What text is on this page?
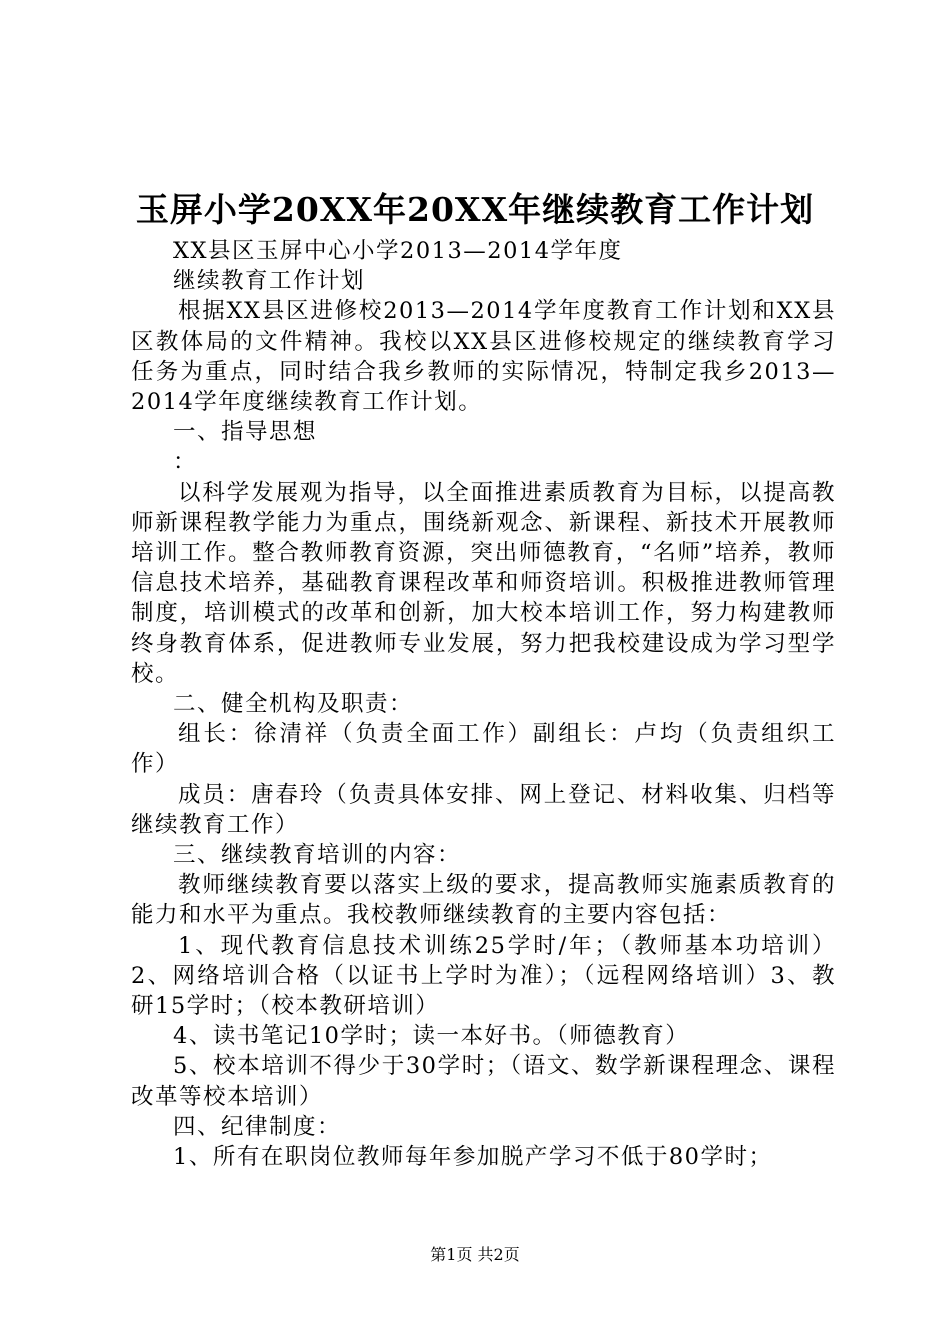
玉屏小学20XX年20XX年继续教育工作计划

XX县区玉屏中心小学2013—2014学年度

继续教育工作计划

根据XX县区进修校2013—2014学年度教育工作计划和XX县区教体局的文件精神。我校以XX县区进修校规定的继续教育学习任务为重点，同时结合我乡教师的实际情况，特制定我乡2013—2014学年度继续教育工作计划。

一、指导思想

：

以科学发展观为指导，以全面推进素质教育为目标，以提高教师新课程教学能力为重点，围绕新观念、新课程、新技术开展教师培训工作。整合教师教育资源，突出师德教育，“名师”培养，教师信息技术培养，基础教育课程改革和师资培训。积极推进教师管理制度，培训模式的改革和创新，加大校本培训工作，努力构建教师终身教育体系，促进教师专业发展，努力把我校建设成为学习型学校。

二、健全机构及职责：

组长：徐清祥（负责全面工作）副组长：卢均（负责组织工作）

成员：唐春玲（负责具体安排、网上登记、材料收集、归档等继续教育工作）

三、继续教育培训的内容：

教师继续教育要以落实上级的要求，提高教师实施素质教育的能力和水平为重点。我校教师继续教育的主要内容包括：

1、现代教育信息技术训练25学时/年；（教师基本功培训）2、网络培训合格（以证书上学时为准）；（远程网络培训）3、教研15学时；（校本教研培训）

4、读书笔记10学时；读一本好书。（师德教育）

5、校本培训不得少于30学时；（语文、数学新课程理念、课程改革等校本培训）

四、纪律制度：

1、所有在职岗位教师每年参加脱产学习不低于80学时；

第1页 共2页
